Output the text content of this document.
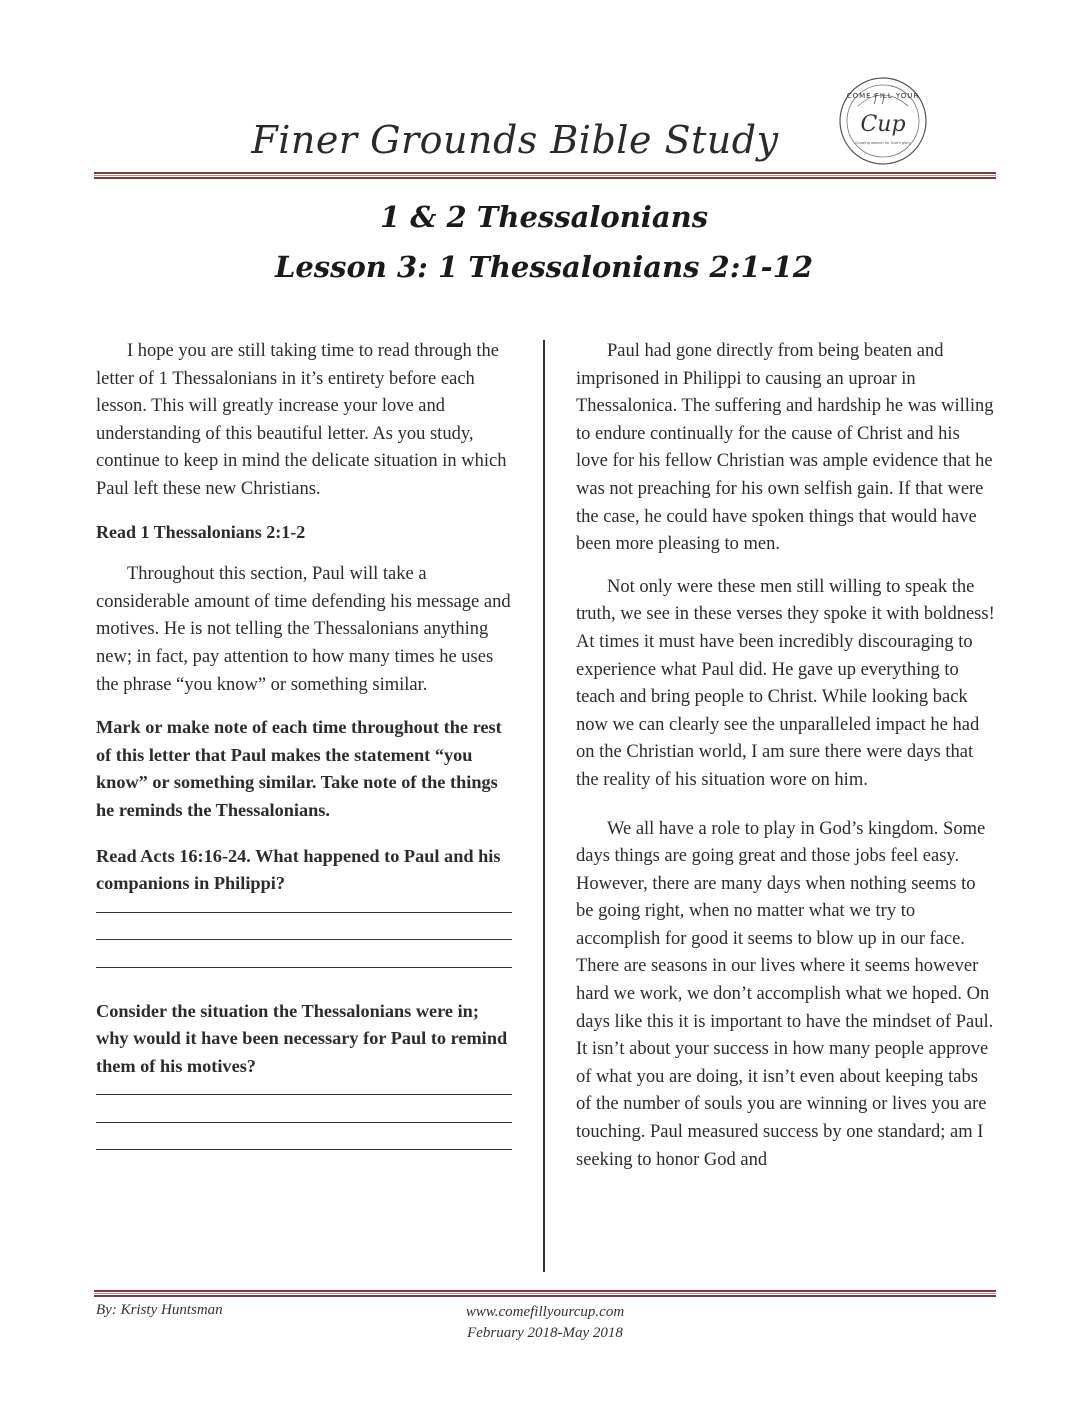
Finer Grounds Bible Study
COME FILL YOUR
Cup
Growing women for God's glory
1 & 2 Thessalonians
Lesson 3: 1 Thessalonians 2:1-12

I hope you are still taking time to read through the letter of 1 Thessalonians in it’s entirety before each lesson. This will greatly increase your love and understanding of this beautiful letter. As you study, continue to keep in mind the delicate situation in which Paul left these new Christians.

Read 1 Thessalonians 2:1-2

Throughout this section, Paul will take a considerable amount of time defending his message and motives. He is not telling the Thessalonians anything new; in fact, pay attention to how many times he uses the phrase “you know” or something similar.

Mark or make note of each time throughout the rest of this letter that Paul makes the statement “you know” or something similar. Take note of the things he reminds the Thessalonians.

Read Acts 16:16-24. What happened to Paul and his companions in Philippi?

Consider the situation the Thessalonians were in; why would it have been necessary for Paul to remind them of his motives?

Paul had gone directly from being beaten and imprisoned in Philippi to causing an uproar in Thessalonica. The suffering and hardship he was willing to endure continually for the cause of Christ and his love for his fellow Christian was ample evidence that he was not preaching for his own selfish gain. If that were the case, he could have spoken things that would have been more pleasing to men.

Not only were these men still willing to speak the truth, we see in these verses they spoke it with boldness! At times it must have been incredibly discouraging to experience what Paul did. He gave up everything to teach and bring people to Christ. While looking back now we can clearly see the unparalleled impact he had on the Christian world, I am sure there were days that the reality of his situation wore on him.

We all have a role to play in God’s kingdom. Some days things are going great and those jobs feel easy. However, there are many days when nothing seems to be going right, when no matter what we try to accomplish for good it seems to blow up in our face. There are seasons in our lives where it seems however hard we work, we don’t accomplish what we hoped. On days like this it is important to have the mindset of Paul. It isn’t about your success in how many people approve of what you are doing, it isn’t even about keeping tabs of the number of souls you are winning or lives you are touching. Paul measured success by one standard; am I seeking to honor God and

By: Kristy Huntsman	www.comefillyourcup.com
February 2018-May 2018
